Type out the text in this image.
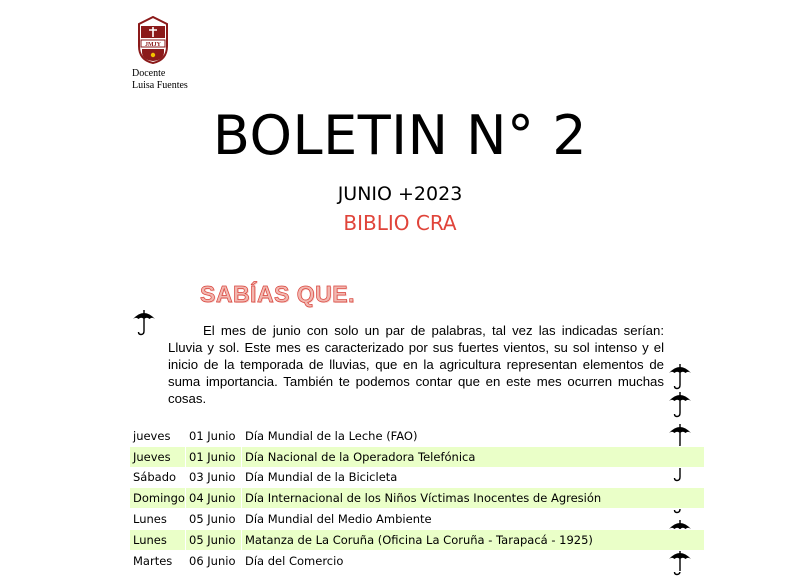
JMJY
Docente
Luisa Fuentes
BOLETIN N° 2
JUNIO +2023
BIBLIO CRA
SABÍAS QUE.
El mes de junio con solo un par de palabras, tal vez las indicadas serían: Lluvia y sol. Este mes es caracterizado por sus fuertes vientos, su sol intenso y el inicio de la temporada de lluvias, que en la agricultura representan elementos de suma importancia. También te podemos contar que en este mes ocurren muchas cosas.
jueves	01 Junio	Día Mundial de la Leche (FAO)
Jueves	01 Junio	Día Nacional de la Operadora Telefónica
Sábado	03 Junio	Día Mundial de la Bicicleta
Domingo	04 Junio	Día Internacional de los Niños Víctimas Inocentes de Agresión
Lunes	05 Junio	Día Mundial del Medio Ambiente
Lunes	05 Junio	Matanza de La Coruña (Oficina La Coruña - Tarapacá - 1925)
Martes	06 Junio	Día del Comercio
